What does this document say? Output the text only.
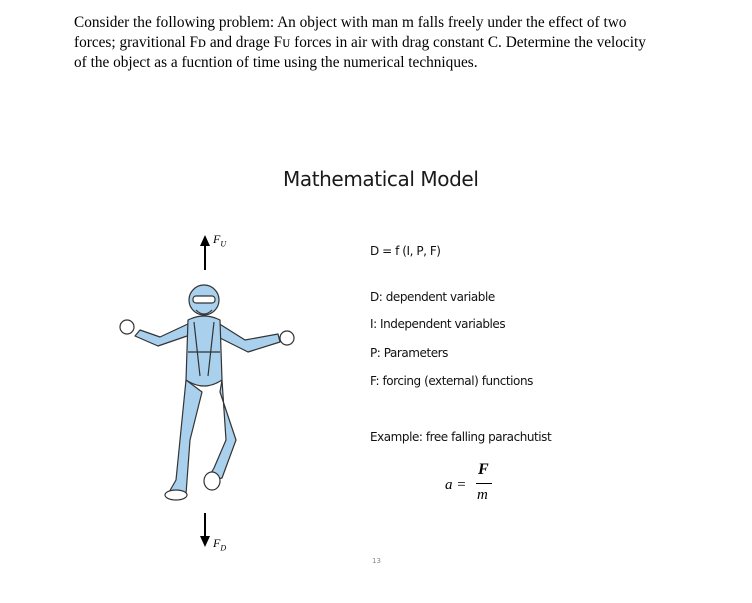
Consider the following problem: An object with man m falls freely under the effect of two
forces; gravitional Fᴅ and drage Fᴜ forces in air with drag constant C. Determine the velocity
of the object as a fucntion of time using the numerical techniques.
Mathematical Model
D = f (I, P, F)
D: dependent variable
I: Independent variables
P: Parameters
F: forcing (external) functions
Example: free falling parachutist
a =
F
m
13
$F_U$
$F_D$
